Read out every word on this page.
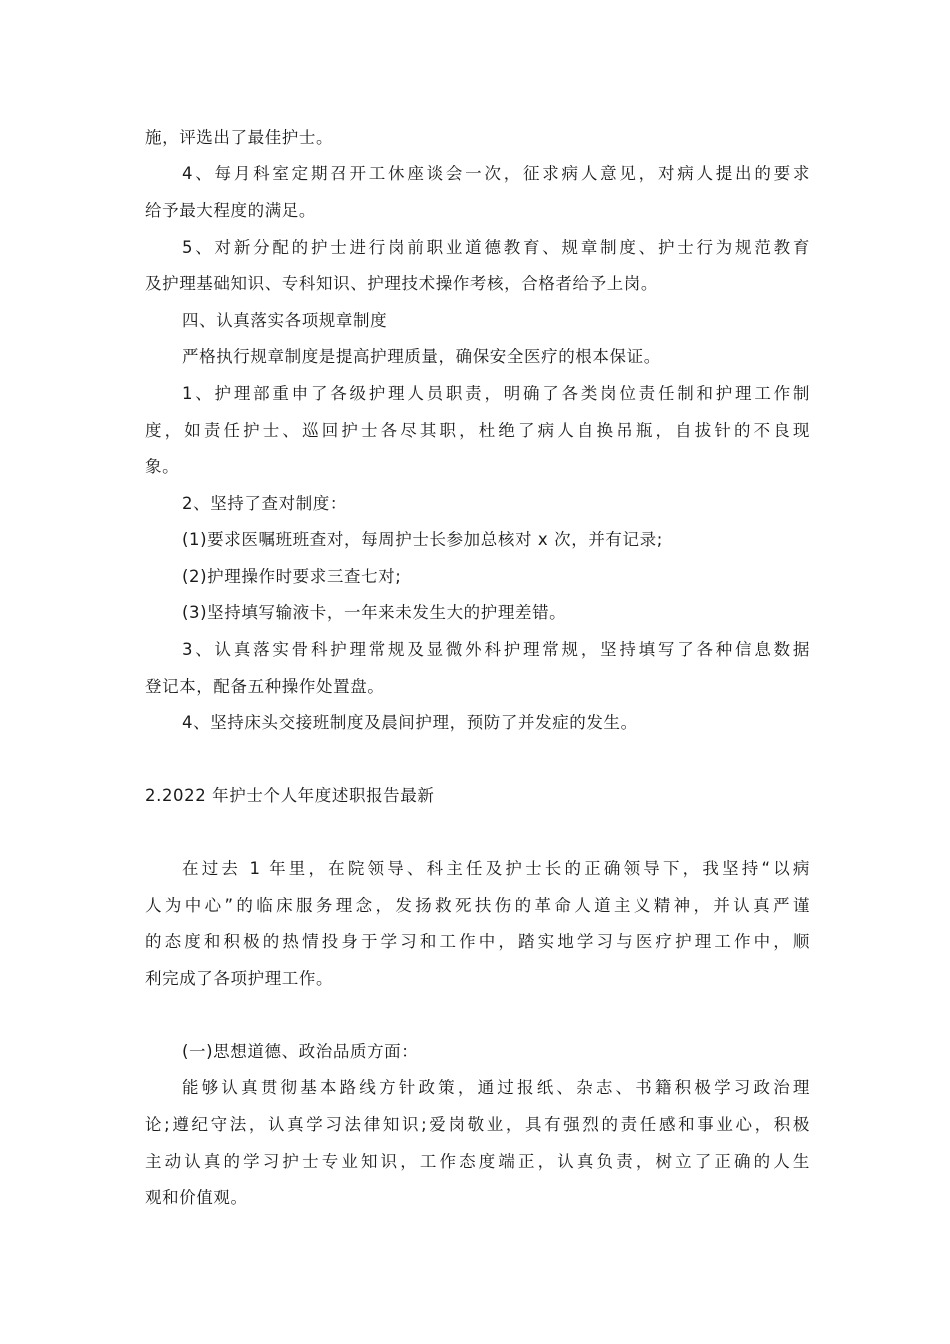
施，评选出了最佳护士。
4、每月科室定期召开工休座谈会一次，征求病人意见，对病人提出的要求
给予最大程度的满足。
5、对新分配的护士进行岗前职业道德教育、规章制度、护士行为规范教育
及护理基础知识、专科知识、护理技术操作考核，合格者给予上岗。
四、认真落实各项规章制度
严格执行规章制度是提高护理质量，确保安全医疗的根本保证。
1、护理部重申了各级护理人员职责，明确了各类岗位责任制和护理工作制
度，如责任护士、巡回护士各尽其职，杜绝了病人自换吊瓶，自拔针的不良现
象。
2、坚持了查对制度：
(1)要求医嘱班班查对，每周护士长参加总核对 x 次，并有记录;
(2)护理操作时要求三查七对;
(3)坚持填写输液卡，一年来未发生大的护理差错。
3、认真落实骨科护理常规及显微外科护理常规，坚持填写了各种信息数据
登记本，配备五种操作处置盘。
4、坚持床头交接班制度及晨间护理，预防了并发症的发生。
2.2022 年护士个人年度述职报告最新
在过去 1 年里，在院领导、科主任及护士长的正确领导下，我坚持“以病
人为中心”的临床服务理念，发扬救死扶伤的革命人道主义精神，并认真严谨
的态度和积极的热情投身于学习和工作中，踏实地学习与医疗护理工作中，顺
利完成了各项护理工作。
(一)思想道德、政治品质方面：
能够认真贯彻基本路线方针政策，通过报纸、杂志、书籍积极学习政治理
论;遵纪守法，认真学习法律知识;爱岗敬业，具有强烈的责任感和事业心，积极
主动认真的学习护士专业知识，工作态度端正，认真负责，树立了正确的人生
观和价值观。
